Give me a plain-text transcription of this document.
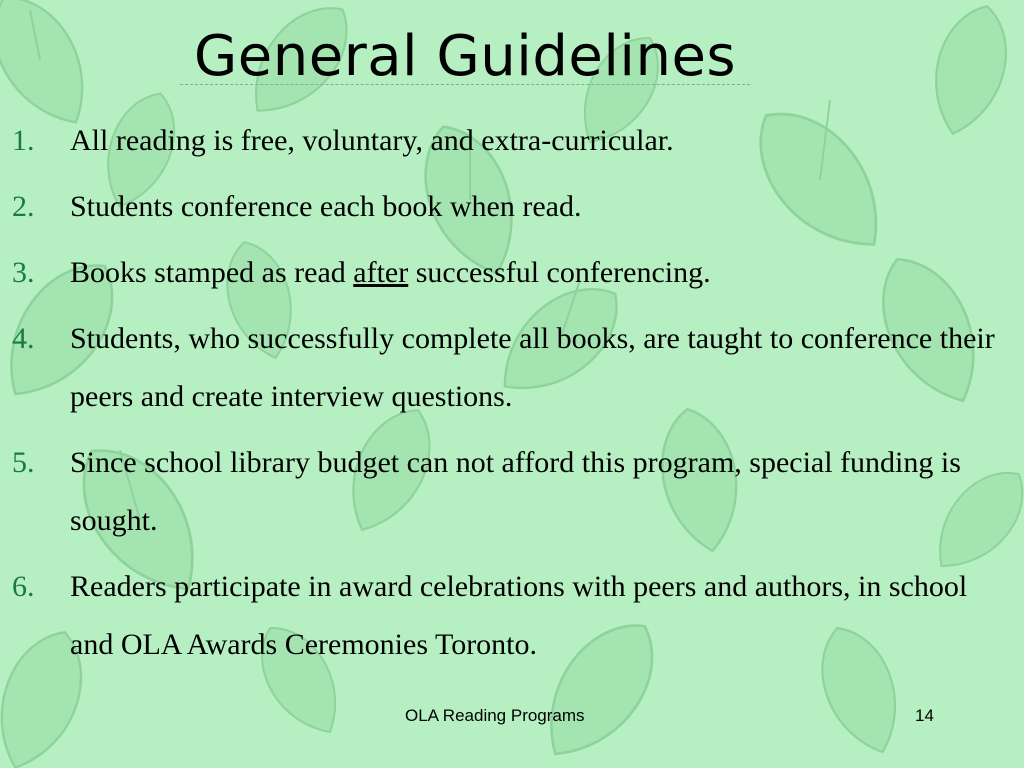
General Guidelines
1. All reading is free, voluntary, and extra-curricular.
2. Students conference each book when read.
3. Books stamped as read after successful conferencing.
4. Students, who successfully complete all books, are taught to conference their peers and create interview questions.
5. Since school library budget can not afford this program, special funding is sought.
6. Readers participate in award celebrations with peers and authors, in school and OLA Awards Ceremonies Toronto.
OLA Reading Programs	14
